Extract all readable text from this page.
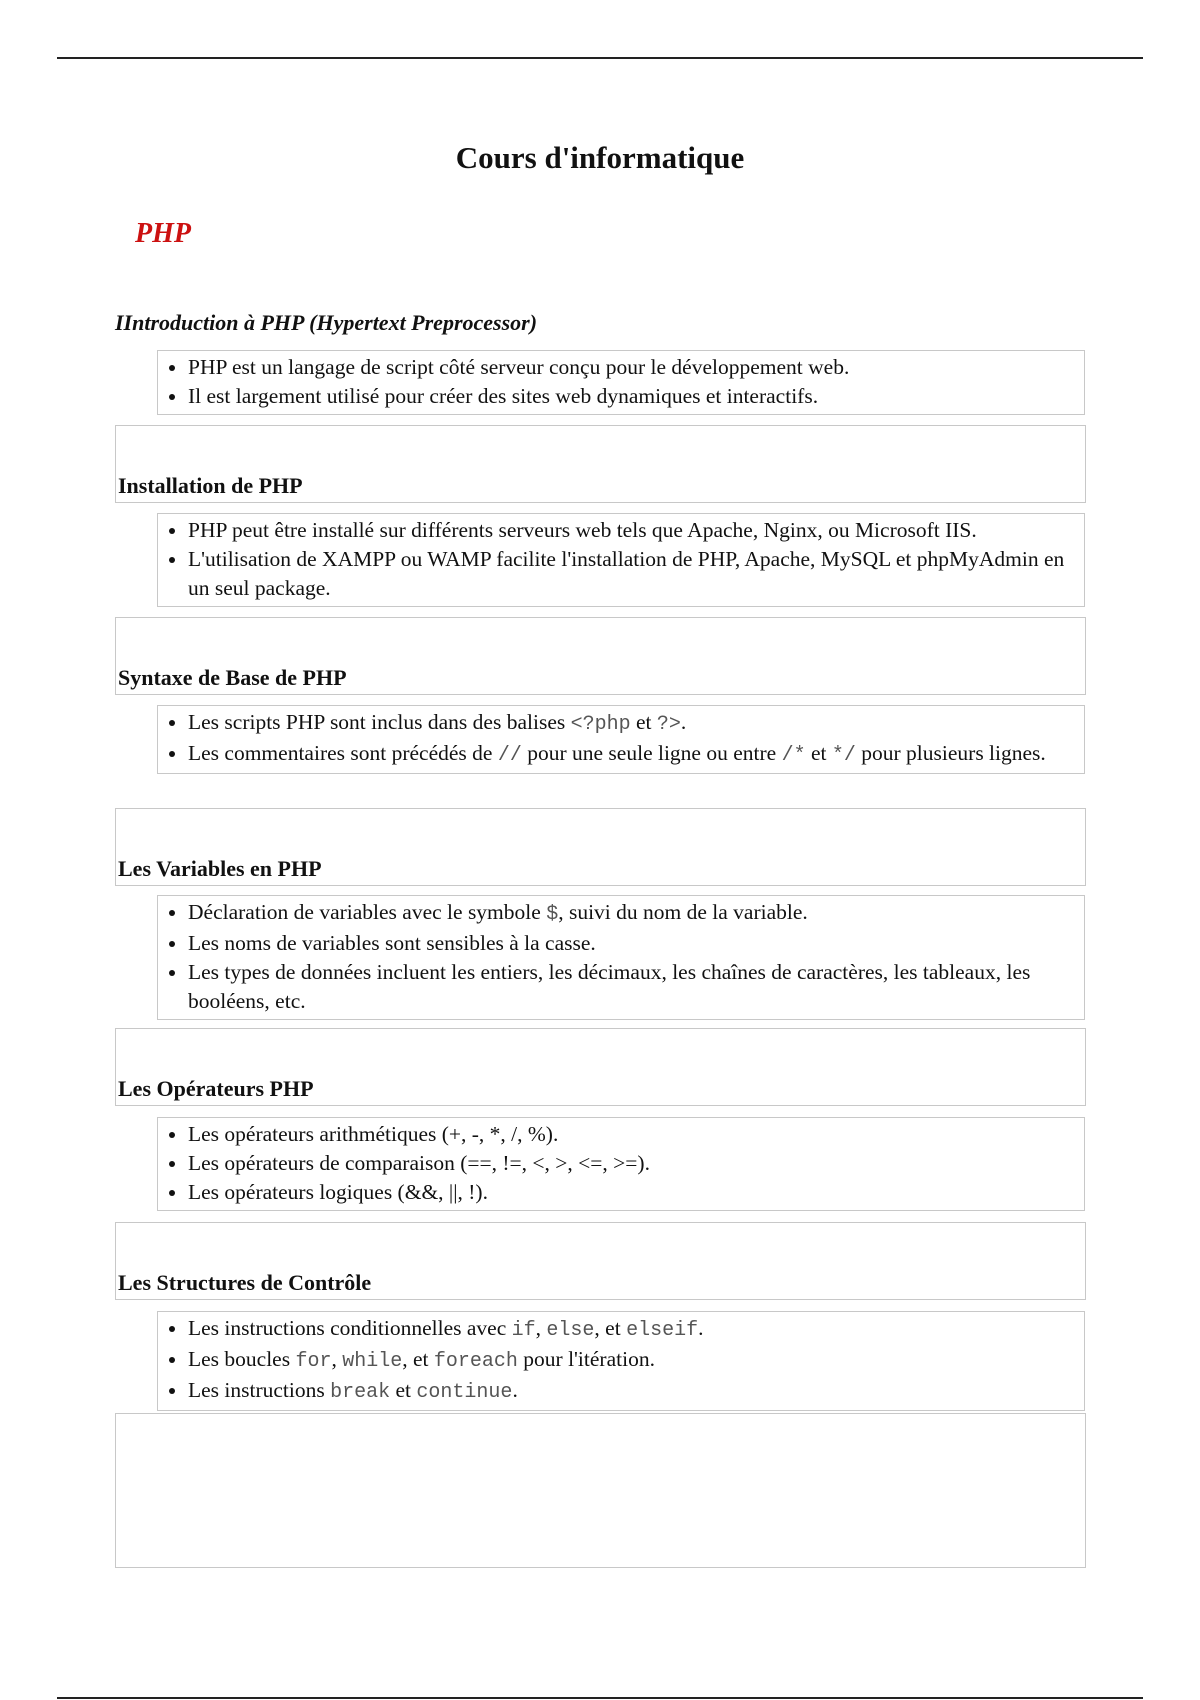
Cours d'informatique
PHP
IIntroduction à PHP (Hypertext Preprocessor)
• PHP est un langage de script côté serveur conçu pour le développement web.
• Il est largement utilisé pour créer des sites web dynamiques et interactifs.
Installation de PHP
• PHP peut être installé sur différents serveurs web tels que Apache, Nginx, ou Microsoft IIS.
• L'utilisation de XAMPP ou WAMP facilite l'installation de PHP, Apache, MySQL et phpMyAdmin en un seul package.
Syntaxe de Base de PHP
• Les scripts PHP sont inclus dans des balises <?php et ?>.
• Les commentaires sont précédés de // pour une seule ligne ou entre /* et */ pour plusieurs lignes.
Les Variables en PHP
• Déclaration de variables avec le symbole $, suivi du nom de la variable.
• Les noms de variables sont sensibles à la casse.
• Les types de données incluent les entiers, les décimaux, les chaînes de caractères, les tableaux, les booléens, etc.
Les Opérateurs PHP
• Les opérateurs arithmétiques (+, -, *, /, %).
• Les opérateurs de comparaison (==, !=, <, >, <=, >=).
• Les opérateurs logiques (&&, ||, !).
Les Structures de Contrôle
• Les instructions conditionnelles avec if, else, et elseif.
• Les boucles for, while, et foreach pour l'itération.
• Les instructions break et continue.
